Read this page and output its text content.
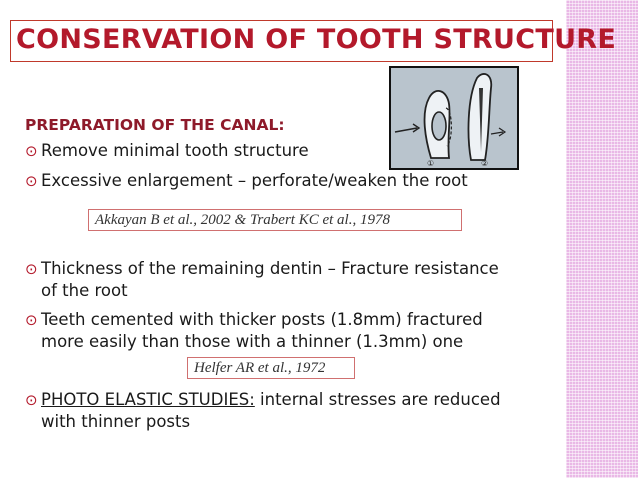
CONSERVATION OF TOOTH STRUCTURE
①	②

PREPARATION OF THE CANAL:

⊙ Remove minimal tooth structure
⊙ Excessive enlargement – perforate/weaken the root
Akkayan B et al., 2002 & Trabert KC et al., 1978
⊙ Thickness of the remaining dentin – Fracture resistance
of the root
⊙ Teeth cemented with thicker posts (1.8mm) fractured
more easily than those with a thinner (1.3mm) one
Helfer AR et al., 1972
⊙ PHOTO ELASTIC STUDIES: internal stresses are reduced
with thinner posts
